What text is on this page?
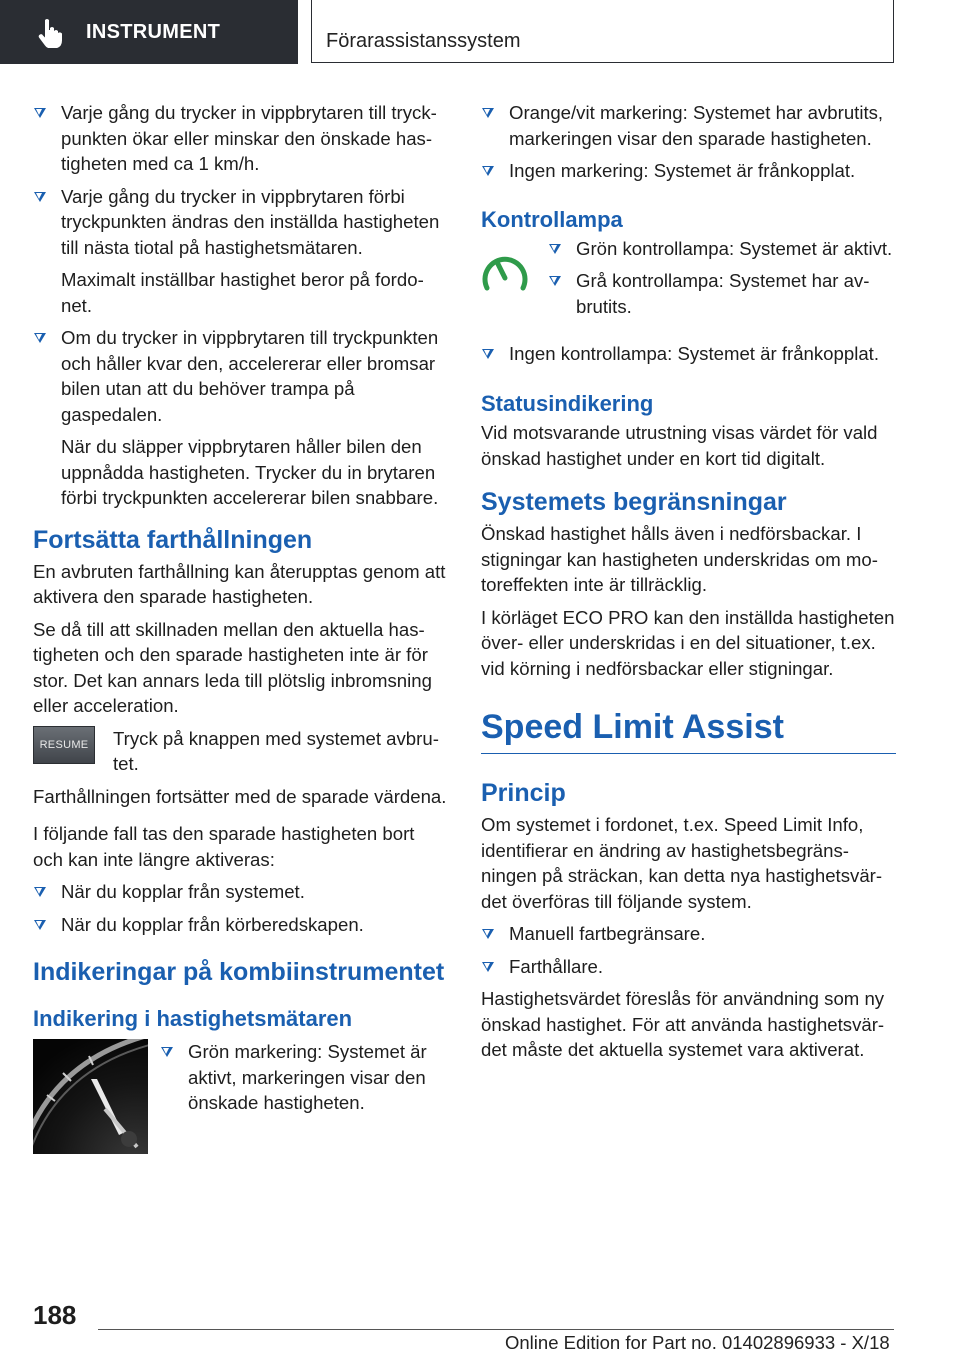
INSTRUMENT	Förarassistanssystem
Varje gång du trycker in vippbrytaren till tryckpunkten ökar eller minskar den önskade hastigheten med ca 1 km/h.
Varje gång du trycker in vippbrytaren förbi tryckpunkten ändras den inställda hastigheten till nästa tiotal på hastighetsmätaren.
Maximalt inställbar hastighet beror på fordonet.
Om du trycker in vippbrytaren till tryckpunkten och håller kvar den, accelererar eller bromsar bilen utan att du behöver trampa på gaspedalen.
När du släpper vippbrytaren håller bilen den uppnådda hastigheten. Trycker du in brytaren förbi tryckpunkten accelererar bilen snabbare.
Fortsätta farthållningen

En avbruten farthållning kan återupptas genom att aktivera den sparade hastigheten.

Se då till att skillnaden mellan den aktuella hastigheten och den sparade hastigheten inte är för stor. Det kan annars leda till plötslig inbromsning eller acceleration.

RESUME	Tryck på knappen med systemet avbrutet.

Farthållningen fortsätter med de sparade värdena.

I följande fall tas den sparade hastigheten bort och kan inte längre aktiveras:

När du kopplar från systemet.
När du kopplar från körberedskapen.
Indikeringar på kombiinstrumentet
Indikering i hastighetsmätaren
Grön markering: Systemet är aktivt, markeringen visar den önskade hastigheten.
Orange/vit markering: Systemet har avbrutits, markeringen visar den sparade hastigheten.
Ingen markering: Systemet är frånkopplat.
Kontrollampa
Grön kontrollampa: Systemet är aktivt.
Grå kontrollampa: Systemet har avbrutits.
Ingen kontrollampa: Systemet är frånkopplat.
Statusindikering

Vid motsvarande utrustning visas värdet för vald önskad hastighet under en kort tid digitalt.

Systemets begränsningar

Önskad hastighet hålls även i nedförsbackar. I stigningar kan hastigheten underskridas om motoreffekten inte är tillräcklig.

I körläget ECO PRO kan den inställda hastigheten över- eller underskridas i en del situationer, t.ex. vid körning i nedförsbackar eller stigningar.

Speed Limit Assist
Princip

Om systemet i fordonet, t.ex. Speed Limit Info, identifierar en ändring av hastighetsbegränsningen på sträckan, kan detta nya hastighetsvärdet överföras till följande system.

Manuell fartbegränsare.
Farthållare.

Hastighetsvärdet föreslås för användning som ny önskad hastighet. För att använda hastighetsvärdet måste det aktuella systemet vara aktiverat.

188
Online Edition for Part no. 01402896933 - X/18
